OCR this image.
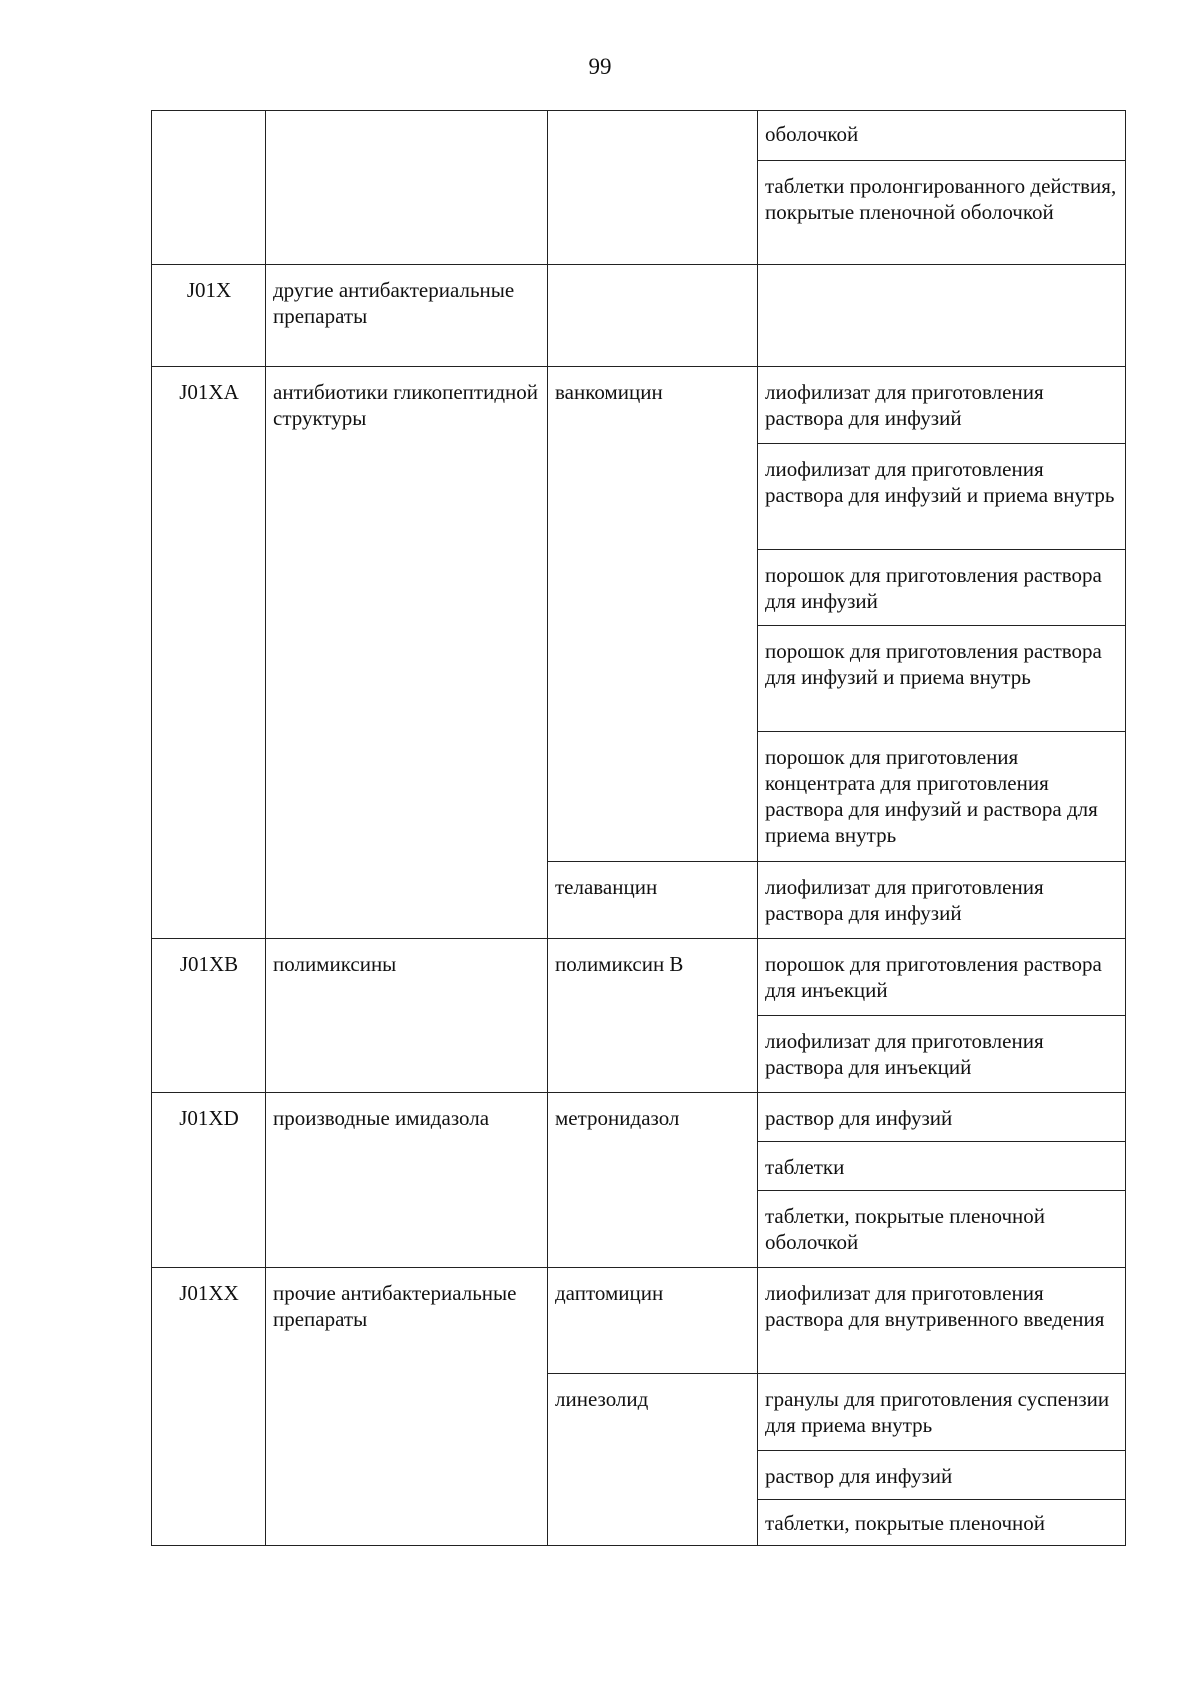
99
			оболочкой
			таблетки пролонгированного действия, покрытые пленочной оболочкой
J01X	другие антибактериальные препараты		
J01XA	антибиотики гликопептидной структуры	ванкомицин	лиофилизат для приготовления раствора для инфузий
			лиофилизат для приготовления раствора для инфузий и приема внутрь
			порошок для приготовления раствора для инфузий
			порошок для приготовления раствора для инфузий и приема внутрь
			порошок для приготовления концентрата для приготовления раствора для инфузий и раствора для приема внутрь
		телаванцин	лиофилизат для приготовления раствора для инфузий
J01XB	полимиксины	полимиксин В	порошок для приготовления раствора для инъекций
			лиофилизат для приготовления раствора для инъекций
J01XD	производные имидазола	метронидазол	раствор для инфузий
			таблетки
			таблетки, покрытые пленочной оболочкой
J01XX	прочие антибактериальные препараты	даптомицин	лиофилизат для приготовления раствора для внутривенного введения
		линезолид	гранулы для приготовления суспензии для приема внутрь
			раствор для инфузий
			таблетки, покрытые пленочной
